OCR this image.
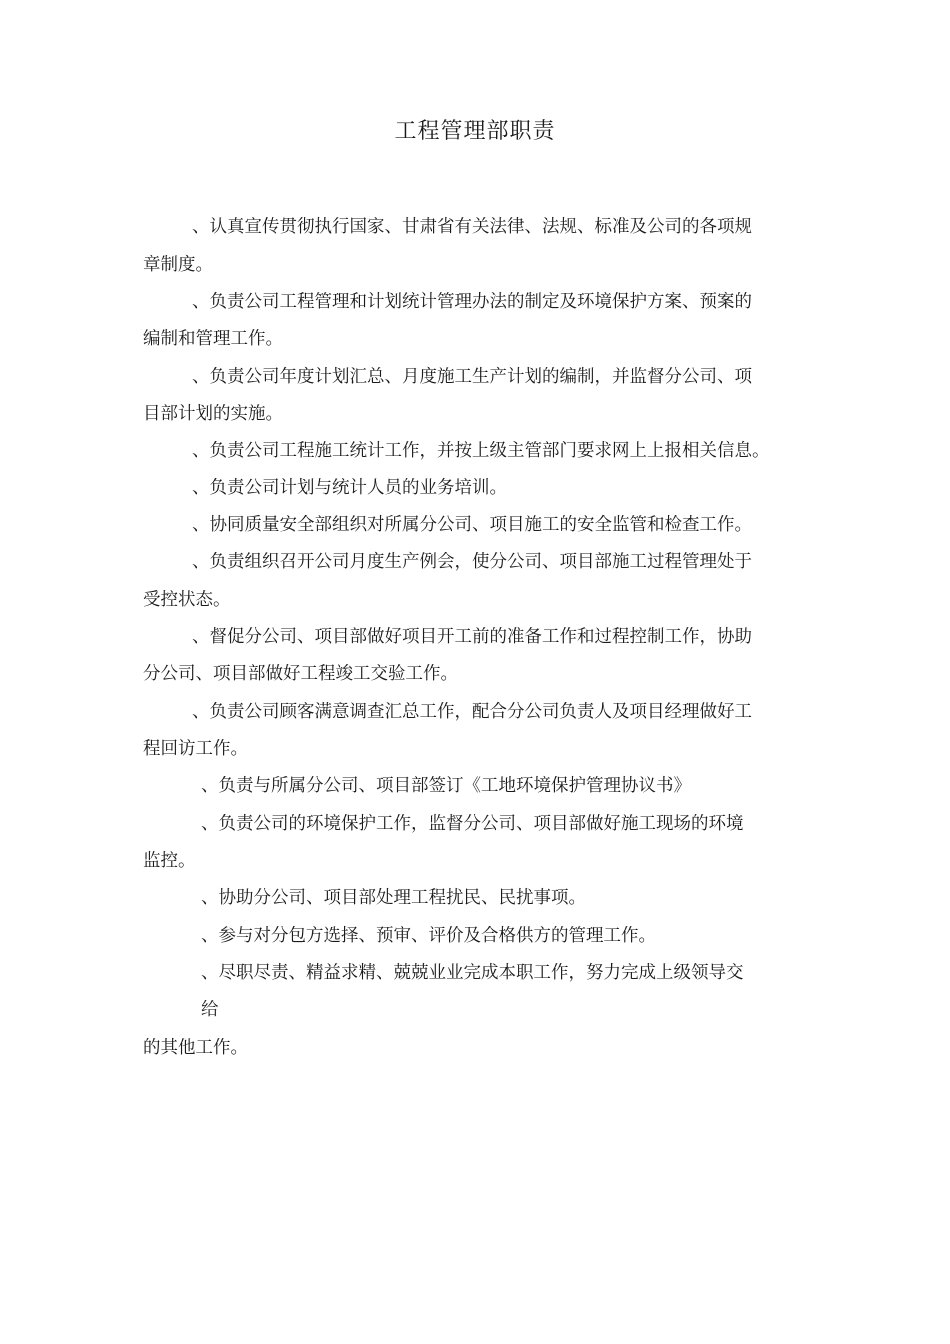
工程管理部职责
、认真宣传贯彻执行国家、甘肃省有关法律、法规、标准及公司的各项规
章制度。
、负责公司工程管理和计划统计管理办法的制定及环境保护方案、预案的
编制和管理工作。
、负责公司年度计划汇总、月度施工生产计划的编制，并监督分公司、项
目部计划的实施。
、负责公司工程施工统计工作，并按上级主管部门要求网上上报相关信息。
、负责公司计划与统计人员的业务培训。
、协同质量安全部组织对所属分公司、项目施工的安全监管和检查工作。
、负责组织召开公司月度生产例会，使分公司、项目部施工过程管理处于
受控状态。
、督促分公司、项目部做好项目开工前的准备工作和过程控制工作，协助
分公司、项目部做好工程竣工交验工作。
、负责公司顾客满意调查汇总工作，配合分公司负责人及项目经理做好工
程回访工作。
、负责与所属分公司、项目部签订《工地环境保护管理协议书》
、负责公司的环境保护工作，监督分公司、项目部做好施工现场的环境
监控。
、协助分公司、项目部处理工程扰民、民扰事项。
、参与对分包方选择、预审、评价及合格供方的管理工作。
、尽职尽责、精益求精、兢兢业业完成本职工作，努力完成上级领导交
给
的其他工作。
